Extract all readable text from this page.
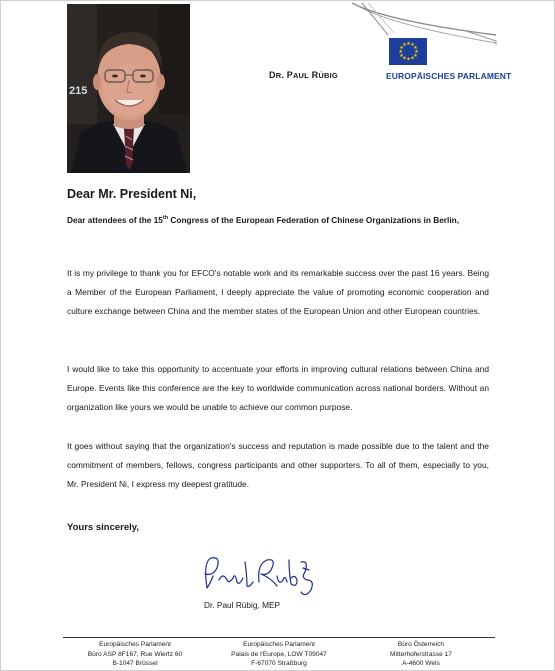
215
DR. PAUL RÜBIG
★ ★
★
★
★
★
★
★
★
★
★
★
EUROPÄISCHES PARLAMENT
Dear Mr. President Ni,
Dear attendees of the 15th Congress of the European Federation of Chinese Organizations in Berlin,
It is my privilege to thank you for EFCO's notable work and its remarkable success over the past 16 years. Being a Member of the European Parliament, I deeply appreciate the value of promoting economic cooperation and culture exchange between China and the member states of the European Union and other European countries.
I would like to take this opportunity to accentuate your efforts in improving cultural relations between China and Europe. Events like this conference are the key to worldwide communication across national borders. Without an organization like yours we would be unable to achieve our common purpose.
It goes without saying that the organization's success and reputation is made possible due to the talent and the commitment of members, fellows, congress participants and other supporters. To all of them, especially to you, Mr. President Ni, I express my deepest gratitude.
Yours sincerely,
Dr. Paul Rübig, MEP
Europäisches Parlament
Büro ASP 8F167, Rue Wiertz 60
B-1047 Brüssel
Europäisches Parlament
Palais de l'Europe, LOW T09047
F-67070 Straßburg
Büro Österreich
Mitterhoferstrasse 17
A-4600 Wels
